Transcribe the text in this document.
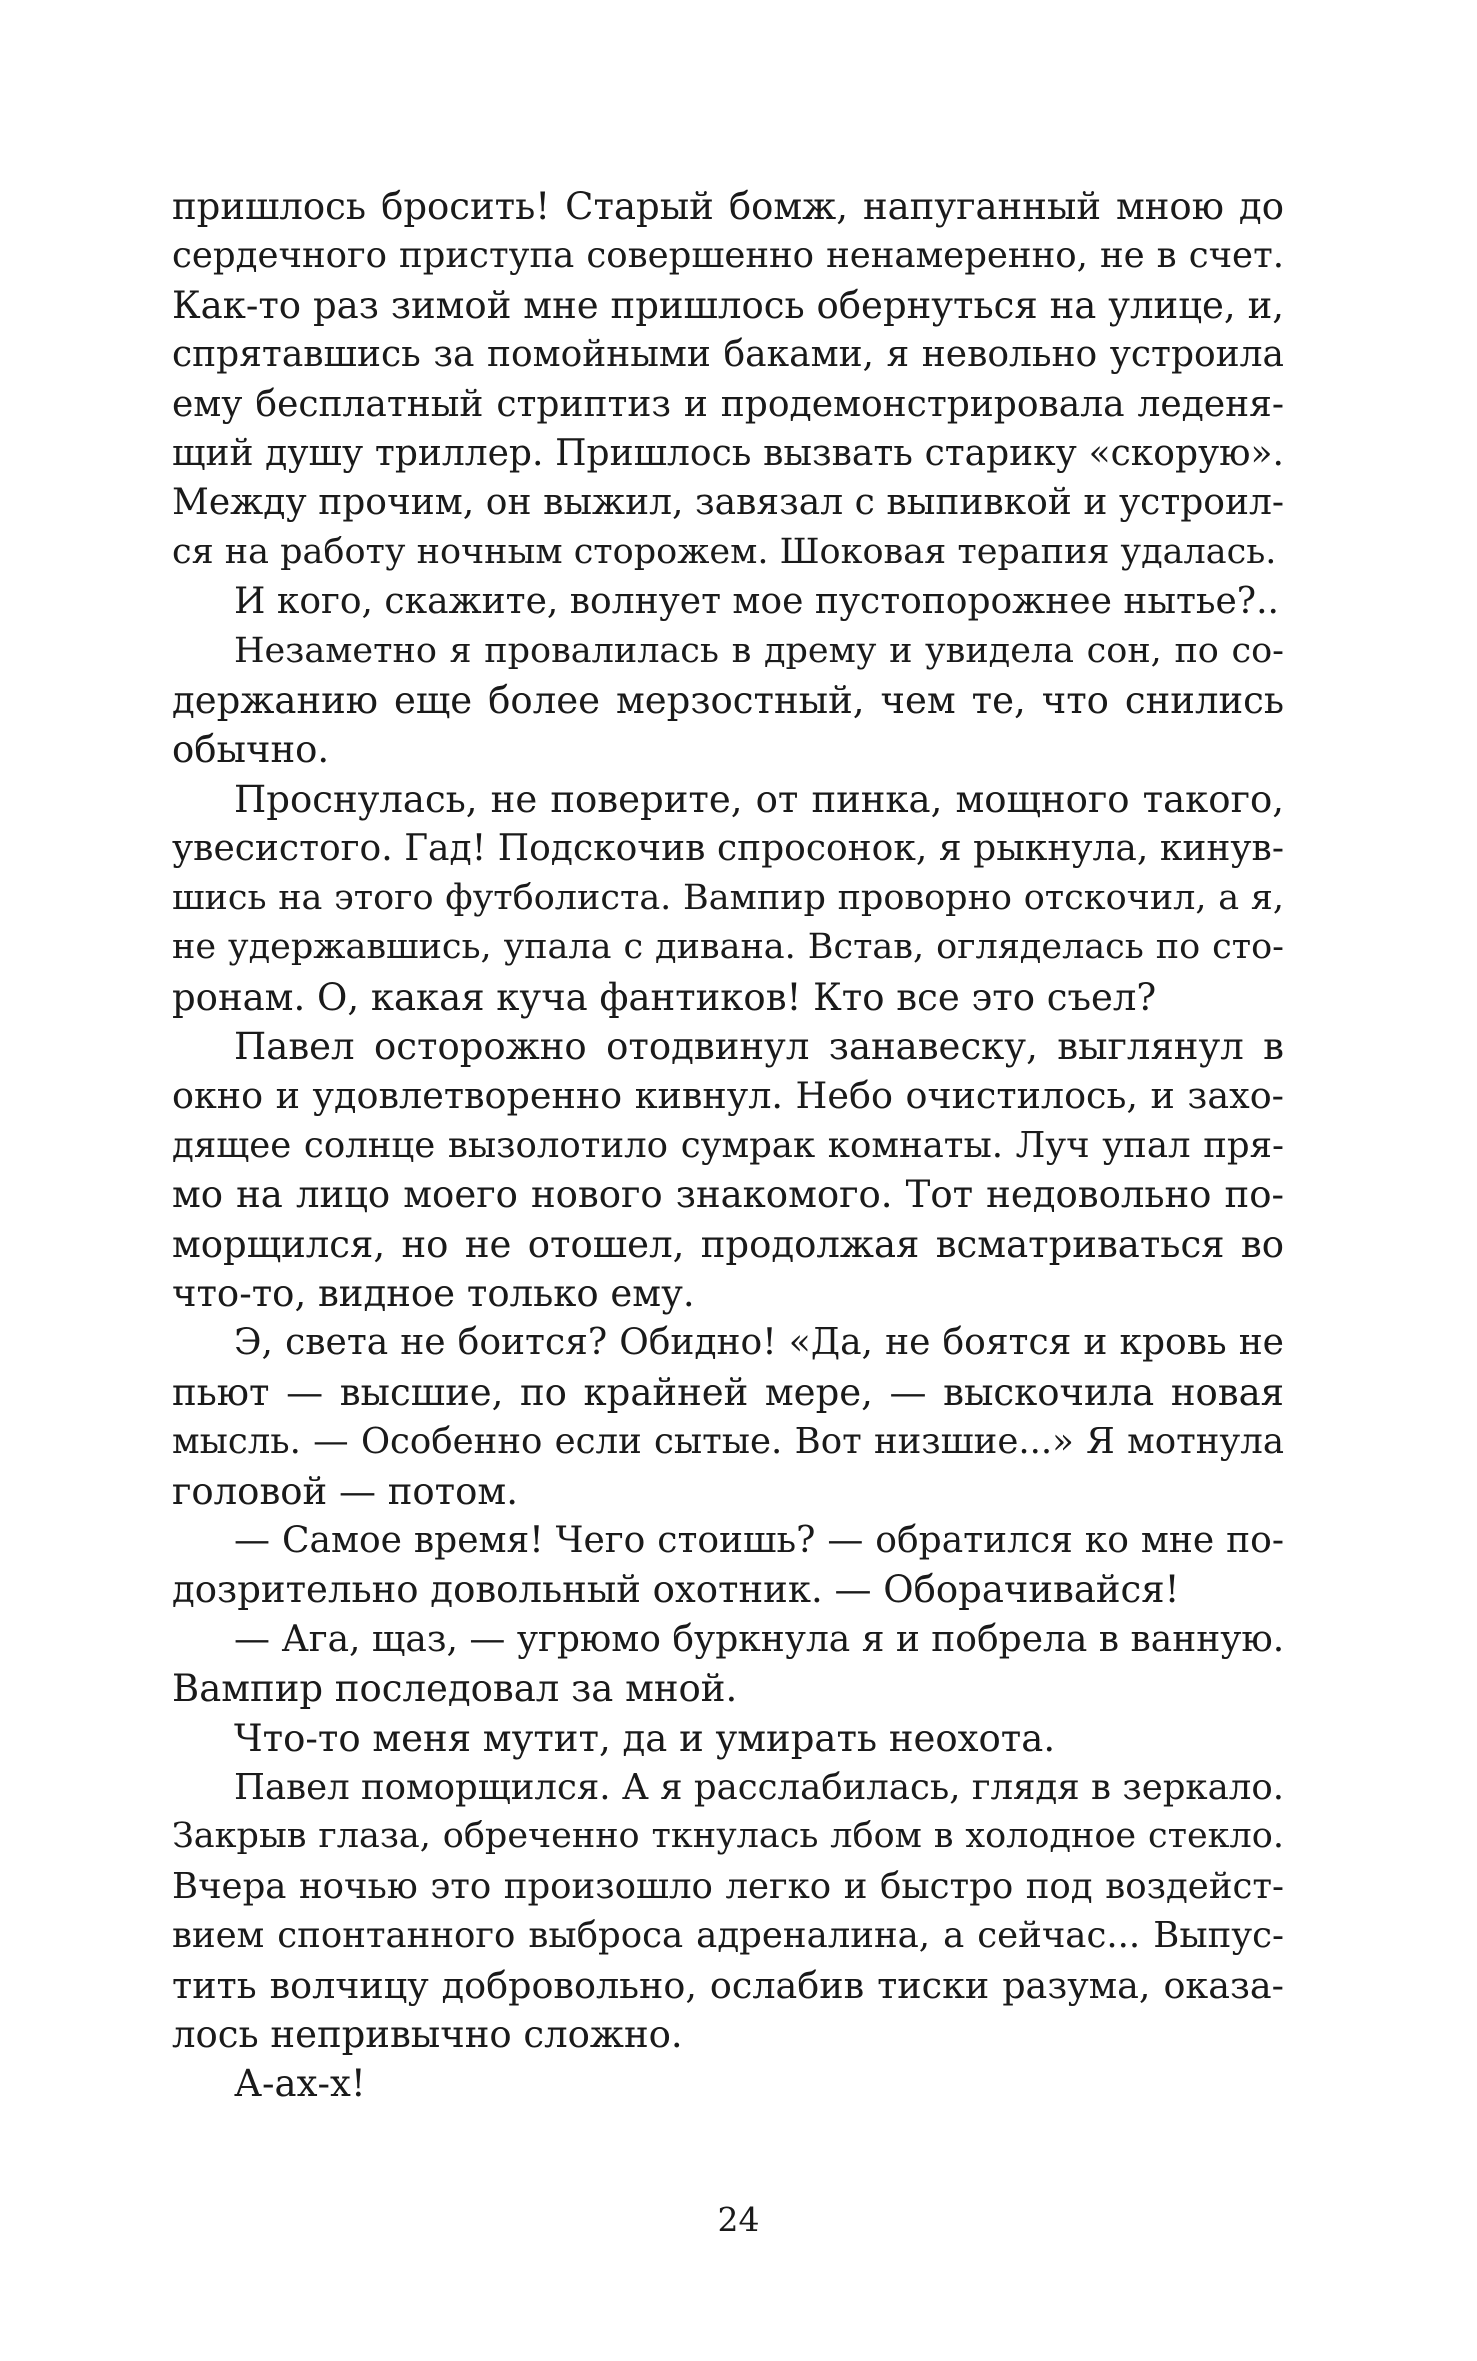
пришлось бросить! Старый бомж, напуганный мною до
сердечного приступа совершенно ненамеренно, не в счет.
Как-то раз зимой мне пришлось обернуться на улице, и,
спрятавшись за помойными баками, я невольно устроила
ему бесплатный стриптиз и продемонстрировала леденя-
щий душу триллер. Пришлось вызвать старику «скорую».
Между прочим, он выжил, завязал с выпивкой и устроил-
ся на работу ночным сторожем. Шоковая терапия удалась.
И кого, скажите, волнует мое пустопорожнее нытье?..
Незаметно я провалилась в дрему и увидела сон, по со-
держанию еще более мерзостный, чем те, что снились
обычно.
Проснулась, не поверите, от пинка, мощного такого,
увесистого. Гад! Подскочив спросонок, я рыкнула, кинув-
шись на этого футболиста. Вампир проворно отскочил, а я,
не удержавшись, упала с дивана. Встав, огляделась по сто-
ронам. О, какая куча фантиков! Кто все это съел?
Павел осторожно отодвинул занавеску, выглянул в
окно и удовлетворенно кивнул. Небо очистилось, и захо-
дящее солнце вызолотило сумрак комнаты. Луч упал пря-
мо на лицо моего нового знакомого. Тот недовольно по-
морщился, но не отошел, продолжая всматриваться во
что-то, видное только ему.
Э, света не боится? Обидно! «Да, не боятся и кровь не
пьют — высшие, по крайней мере, — выскочила новая
мысль. — Особенно если сытые. Вот низшие...» Я мотнула
головой — потом.
— Самое время! Чего стоишь? — обратился ко мне по-
дозрительно довольный охотник. — Оборачивайся!
— Ага, щаз, — угрюмо буркнула я и побрела в ванную.
Вампир последовал за мной.
Что-то меня мутит, да и умирать неохота.
Павел поморщился. А я расслабилась, глядя в зеркало.
Закрыв глаза, обреченно ткнулась лбом в холодное стекло.
Вчера ночью это произошло легко и быстро под воздейст-
вием спонтанного выброса адреналина, а сейчас... Выпус-
тить волчицу добровольно, ослабив тиски разума, оказа-
лось непривычно сложно.
А-ах-х!
24
